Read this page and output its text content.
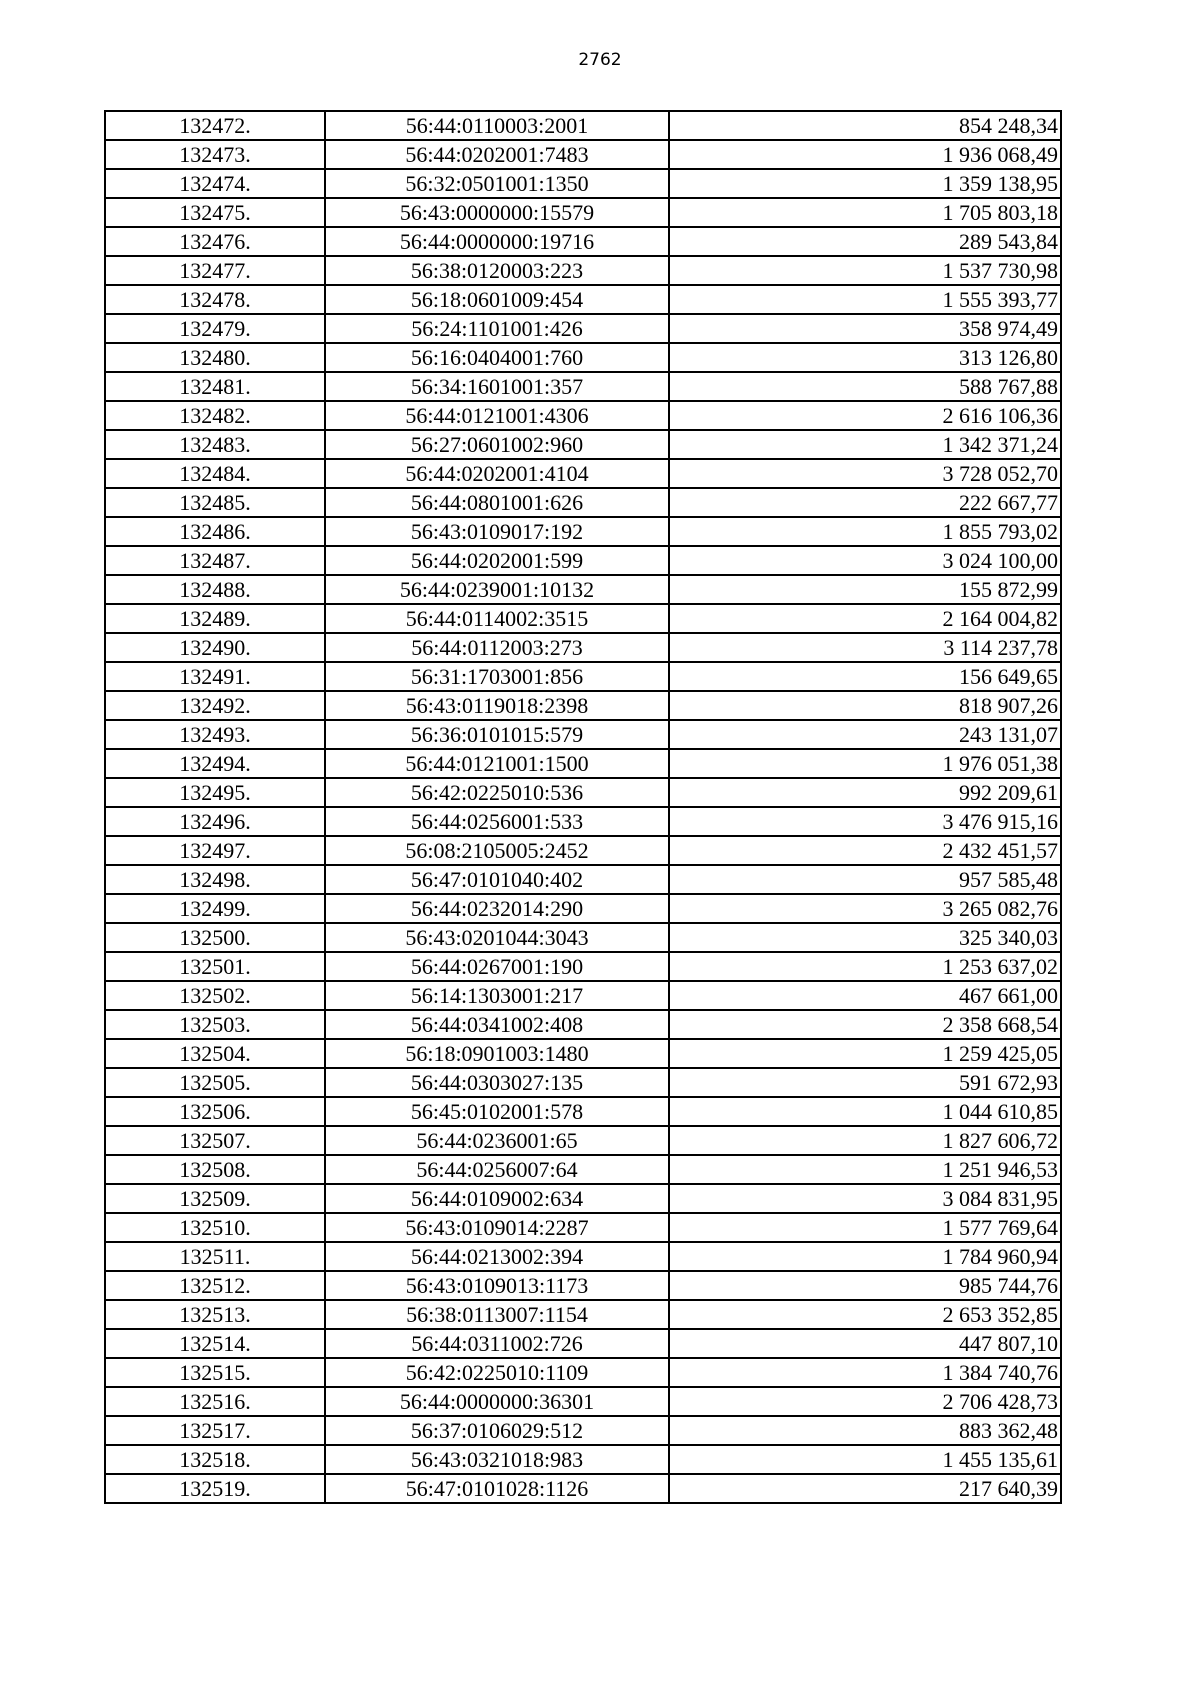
2762
132472.	56:44:0110003:2001	854 248,34
132473.	56:44:0202001:7483	1 936 068,49
132474.	56:32:0501001:1350	1 359 138,95
132475.	56:43:0000000:15579	1 705 803,18
132476.	56:44:0000000:19716	289 543,84
132477.	56:38:0120003:223	1 537 730,98
132478.	56:18:0601009:454	1 555 393,77
132479.	56:24:1101001:426	358 974,49
132480.	56:16:0404001:760	313 126,80
132481.	56:34:1601001:357	588 767,88
132482.	56:44:0121001:4306	2 616 106,36
132483.	56:27:0601002:960	1 342 371,24
132484.	56:44:0202001:4104	3 728 052,70
132485.	56:44:0801001:626	222 667,77
132486.	56:43:0109017:192	1 855 793,02
132487.	56:44:0202001:599	3 024 100,00
132488.	56:44:0239001:10132	155 872,99
132489.	56:44:0114002:3515	2 164 004,82
132490.	56:44:0112003:273	3 114 237,78
132491.	56:31:1703001:856	156 649,65
132492.	56:43:0119018:2398	818 907,26
132493.	56:36:0101015:579	243 131,07
132494.	56:44:0121001:1500	1 976 051,38
132495.	56:42:0225010:536	992 209,61
132496.	56:44:0256001:533	3 476 915,16
132497.	56:08:2105005:2452	2 432 451,57
132498.	56:47:0101040:402	957 585,48
132499.	56:44:0232014:290	3 265 082,76
132500.	56:43:0201044:3043	325 340,03
132501.	56:44:0267001:190	1 253 637,02
132502.	56:14:1303001:217	467 661,00
132503.	56:44:0341002:408	2 358 668,54
132504.	56:18:0901003:1480	1 259 425,05
132505.	56:44:0303027:135	591 672,93
132506.	56:45:0102001:578	1 044 610,85
132507.	56:44:0236001:65	1 827 606,72
132508.	56:44:0256007:64	1 251 946,53
132509.	56:44:0109002:634	3 084 831,95
132510.	56:43:0109014:2287	1 577 769,64
132511.	56:44:0213002:394	1 784 960,94
132512.	56:43:0109013:1173	985 744,76
132513.	56:38:0113007:1154	2 653 352,85
132514.	56:44:0311002:726	447 807,10
132515.	56:42:0225010:1109	1 384 740,76
132516.	56:44:0000000:36301	2 706 428,73
132517.	56:37:0106029:512	883 362,48
132518.	56:43:0321018:983	1 455 135,61
132519.	56:47:0101028:1126	217 640,39
